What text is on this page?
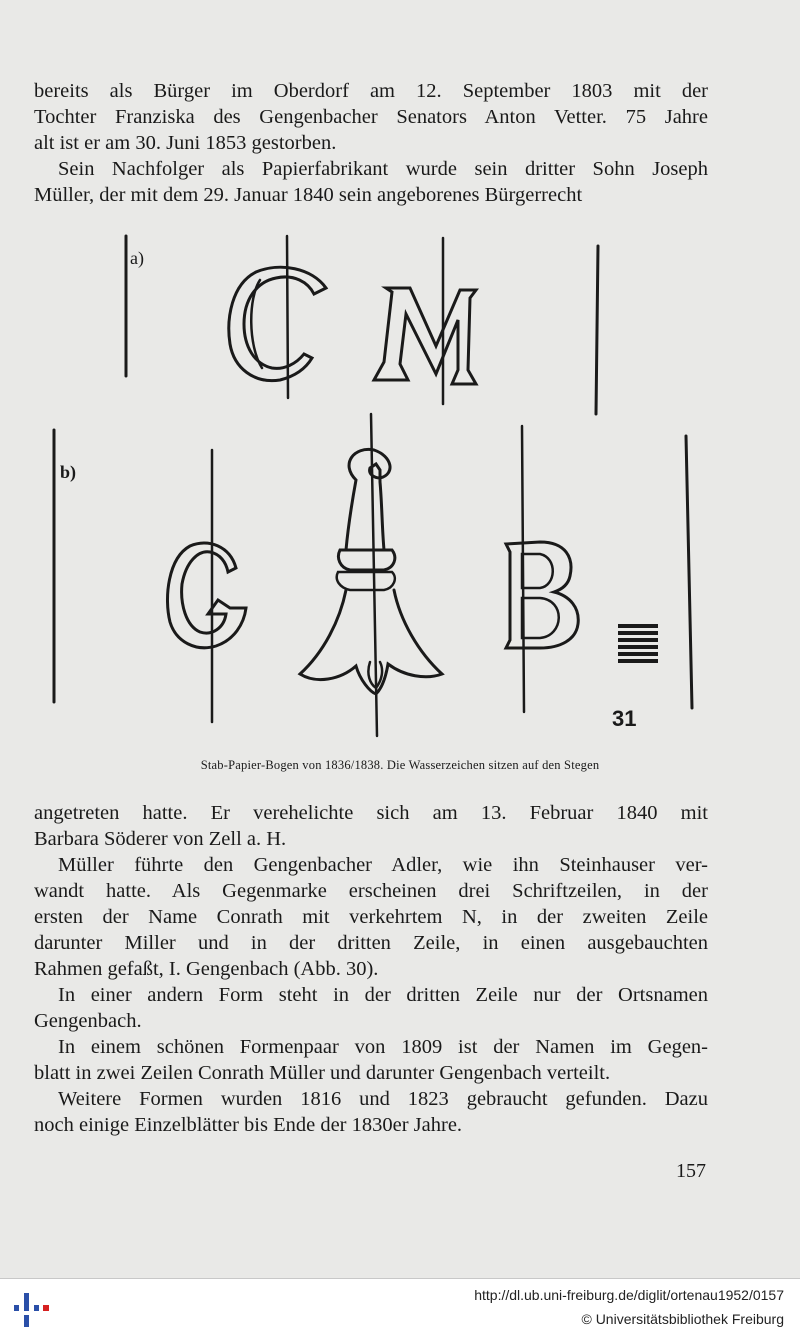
bereits als Bürger im Oberdorf am 12. September 1803 mit der
Tochter Franziska des Gengenbacher Senators Anton Vetter. 75 Jahre
alt ist er am 30. Juni 1853 gestorben.
Sein Nachfolger als Papierfabrikant wurde sein dritter Sohn Joseph
Müller, der mit dem 29. Januar 1840 sein angeborenes Bürgerrecht
a)
b)
31
Stab-Papier-Bogen von 1836/1838. Die Wasserzeichen sitzen auf den Stegen
angetreten hatte. Er verehelichte sich am 13. Februar 1840 mit
Barbara Söderer von Zell a. H.
Müller führte den Gengenbacher Adler, wie ihn Steinhauser ver-
wandt hatte. Als Gegenmarke erscheinen drei Schriftzeilen, in der
ersten der Name Conrath mit verkehrtem N, in der zweiten Zeile
darunter Miller und in der dritten Zeile, in einen ausgebauchten
Rahmen gefaßt, I. Gengenbach (Abb. 30).
In einer andern Form steht in der dritten Zeile nur der Ortsnamen
Gengenbach.
In einem schönen Formenpaar von 1809 ist der Namen im Gegen-
blatt in zwei Zeilen Conrath Müller und darunter Gengenbach verteilt.
Weitere Formen wurden 1816 und 1823 gebraucht gefunden. Dazu
noch einige Einzelblätter bis Ende der 1830er Jahre.
157
http://dl.ub.uni-freiburg.de/diglit/ortenau1952/0157
© Universitätsbibliothek Freiburg
